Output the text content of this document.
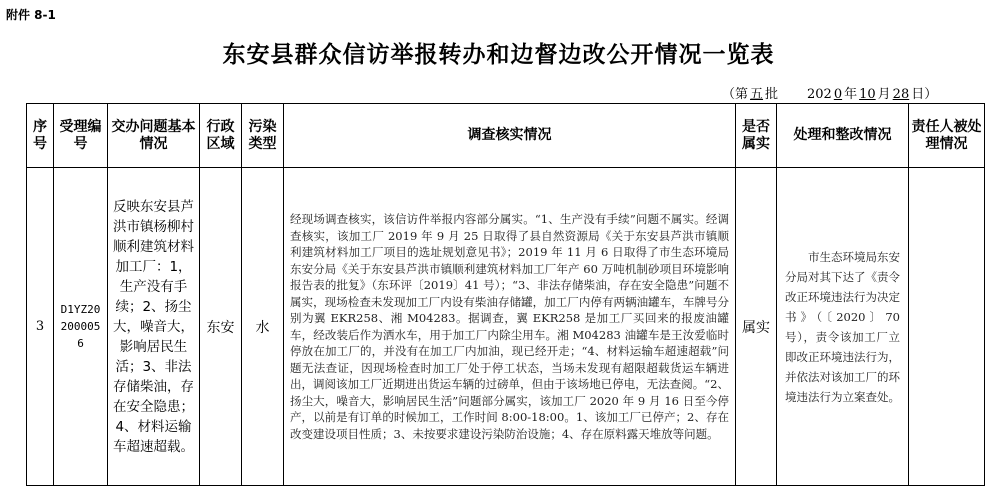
附件 8-1
东安县群众信访举报转办和边督边改公开情况一览表
（第 五 批 202 0 年 10 月 28 日）
序号	受理编号	交办问题基本情况	行政区域	污染类型	调查核实情况	是否属实	处理和整改情况	责任人被处理情况
3	D1YZ202000056	反映东安县芦洪市镇杨柳村顺利建筑材料加工厂：1，生产没有手续；2、扬尘大，噪音大，影响居民生活；3、非法存储柴油，存在安全隐患；4、材料运输车超速超载。	东安	水	经现场调查核实，该信访件举报内容部分属实。“1、生产没有手续”问题不属实。经调查核实，该加工厂 2019 年 9 月 25 日取得了县自然资源局《关于东安县芦洪市镇顺利建筑材料加工厂项目的选址规划意见书》；2019 年 11 月 6 日取得了市生态环境局东安分局《关于东安县芦洪市镇顺利建筑材料加工厂年产 60 万吨机制砂项目环境影响报告表的批复》（东环评〔2019〕41 号）；“3、非法存储柴油，存在安全隐患”问题不属实，现场检查未发现加工厂内设有柴油存储罐，加工厂内停有两辆油罐车，车牌号分别为翼 EKR258、湘 M04283。据调查，翼 EKR258 是加工厂买回来的报废油罐车，经改装后作为洒水车，用于加工厂内除尘用车。湘 M04283 油罐车是王汝爱临时停放在加工厂的，并没有在加工厂内加油，现已经开走；“4、材料运输车超速超载”问题无法查证，因现场检查时加工厂处于停工状态，当场未发现有超限超载货运车辆进出，调阅该加工厂近期进出货运车辆的过磅单，但由于该场地已停电，无法查阅。“2、扬尘大，噪音大，影响居民生活”问题部分属实，该加工厂 2020 年 9 月 16 日至今停产，以前是有订单的时候加工，工作时间 8:00-18:00。1、该加工厂已停产；2、存在改变建设项目性质；3、未按要求建设污染防治设施；4、存在原料露天堆放等问题。	属实	市生态环境局东安分局对其下达了《责令改正环境违法行为决定书》（〔2020〕70 号），责令该加工厂立即改正环境违法行为，并依法对该加工厂的环境违法行为立案查处。	
